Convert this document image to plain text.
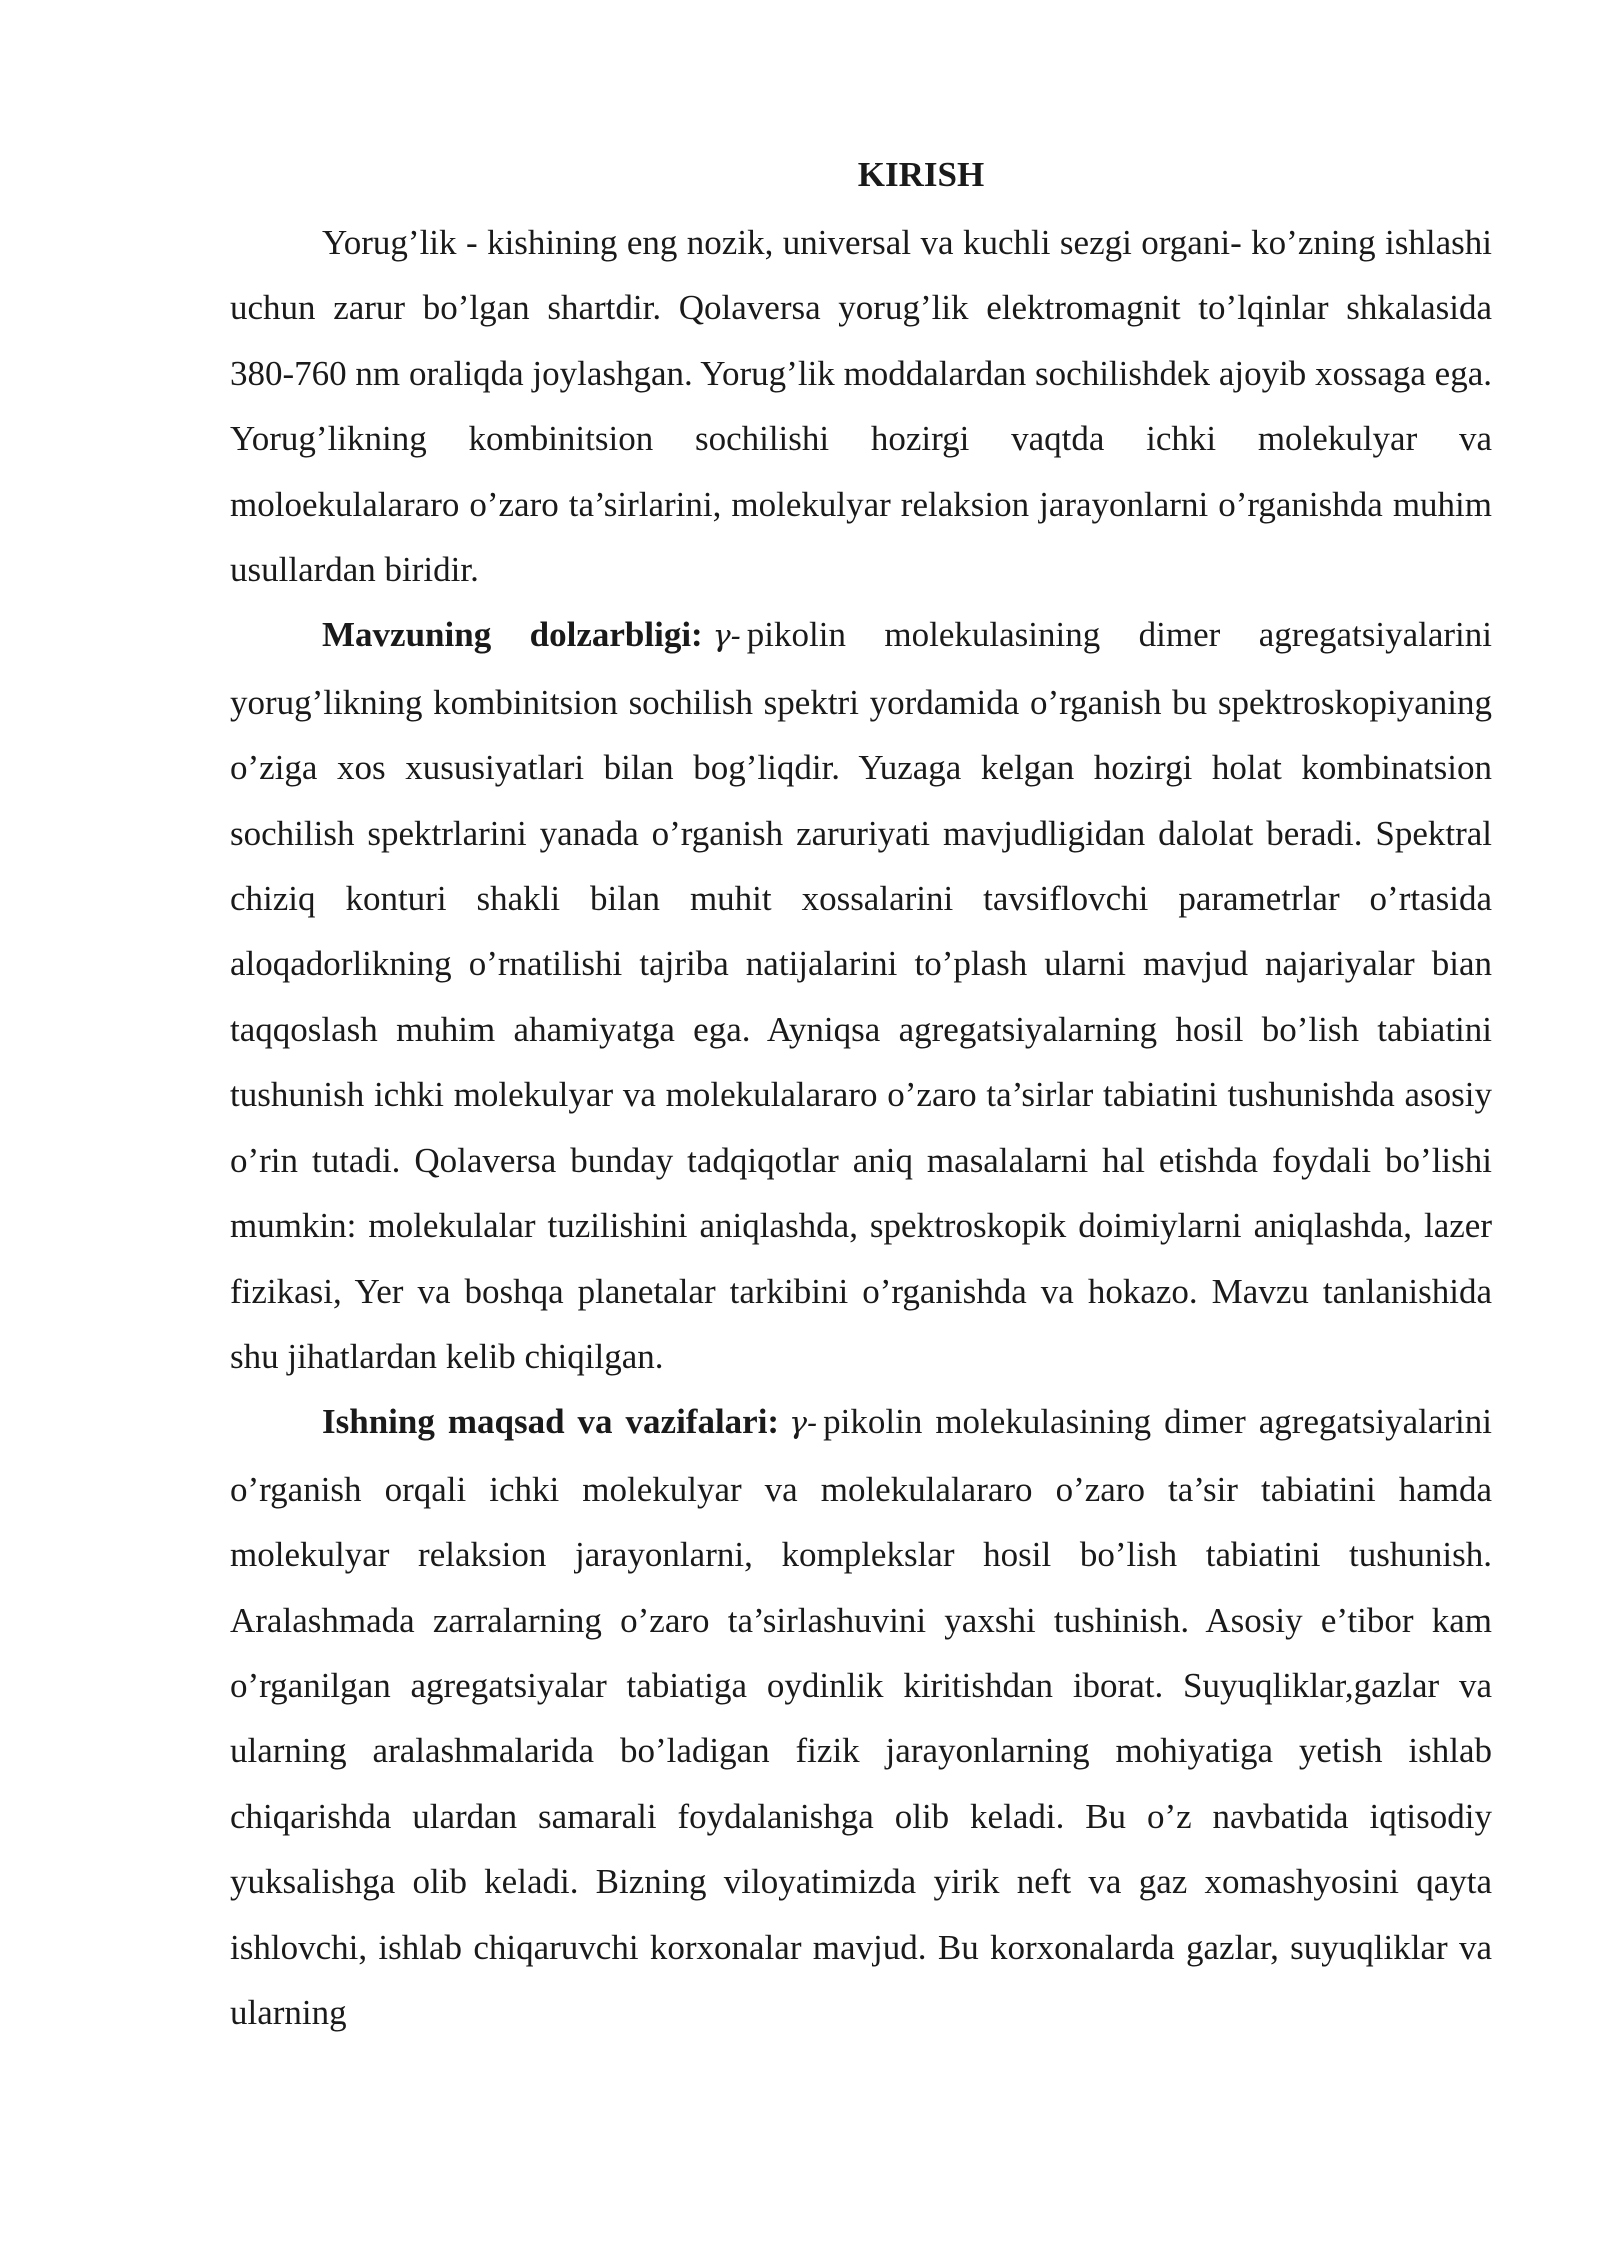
KIRISH

Yorug’lik - kishining eng nozik, universal va kuchli sezgi organi- ko’zning ishlashi uchun zarur bo’lgan shartdir. Qolaversa yorug’lik elektromagnit to’lqinlar shkalasida 380-760 nm oraliqda joylashgan. Yorug’lik moddalardan sochilishdek ajoyib xossaga ega. Yorug’likning kombinitsion sochilishi hozirgi vaqtda ichki molekulyar va moloekulalararo o’zaro ta’sirlarini, molekulyar relaksion jarayonlarni o’rganishda muhim usullardan biridir.

Mavzuning dolzarbligi: γ- pikolin molekulasining dimer agregatsiyalarini yorug’likning kombinitsion sochilish spektri yordamida o’rganish bu spektroskopiyaning o’ziga xos xususiyatlari bilan bog’liqdir. Yuzaga kelgan hozirgi holat kombinatsion sochilish spektrlarini yanada o’rganish zaruriyati mavjudligidan dalolat beradi. Spektral chiziq konturi shakli bilan muhit xossalarini tavsiflovchi parametrlar o’rtasida aloqadorlikning o’rnatilishi tajriba natijalarini to’plash ularni mavjud najariyalar bian taqqoslash muhim ahamiyatga ega. Ayniqsa agregatsiyalarning hosil bo’lish tabiatini tushunish ichki molekulyar va molekulalararo o’zaro ta’sirlar tabiatini tushunishda asosiy o’rin tutadi. Qolaversa bunday tadqiqotlar aniq masalalarni hal etishda foydali bo’lishi mumkin: molekulalar tuzilishini aniqlashda, spektroskopik doimiylarni aniqlashda, lazer fizikasi, Yer va boshqa planetalar tarkibini o’rganishda va hokazo. Mavzu tanlanishida shu jihatlardan kelib chiqilgan.

Ishning maqsad va vazifalari: γ- pikolin molekulasining dimer agregatsiyalarini o’rganish orqali ichki molekulyar va molekulalararo o’zaro ta’sir tabiatini hamda molekulyar relaksion jarayonlarni, komplekslar hosil bo’lish tabiatini tushunish. Aralashmada zarralarning o’zaro ta’sirlashuvini yaxshi tushinish. Asosiy e’tibor kam o’rganilgan agregatsiyalar tabiatiga oydinlik kiritishdan iborat. Suyuqliklar,gazlar va ularning aralashmalarida bo’ladigan fizik jarayonlarning mohiyatiga yetish ishlab chiqarishda ulardan samarali foydalanishga olib keladi. Bu o’z navbatida iqtisodiy yuksalishga olib keladi. Bizning viloyatimizda yirik neft va gaz xomashyosini qayta ishlovchi, ishlab chiqaruvchi korxonalar mavjud. Bu korxonalarda gazlar, suyuqliklar va ularning
